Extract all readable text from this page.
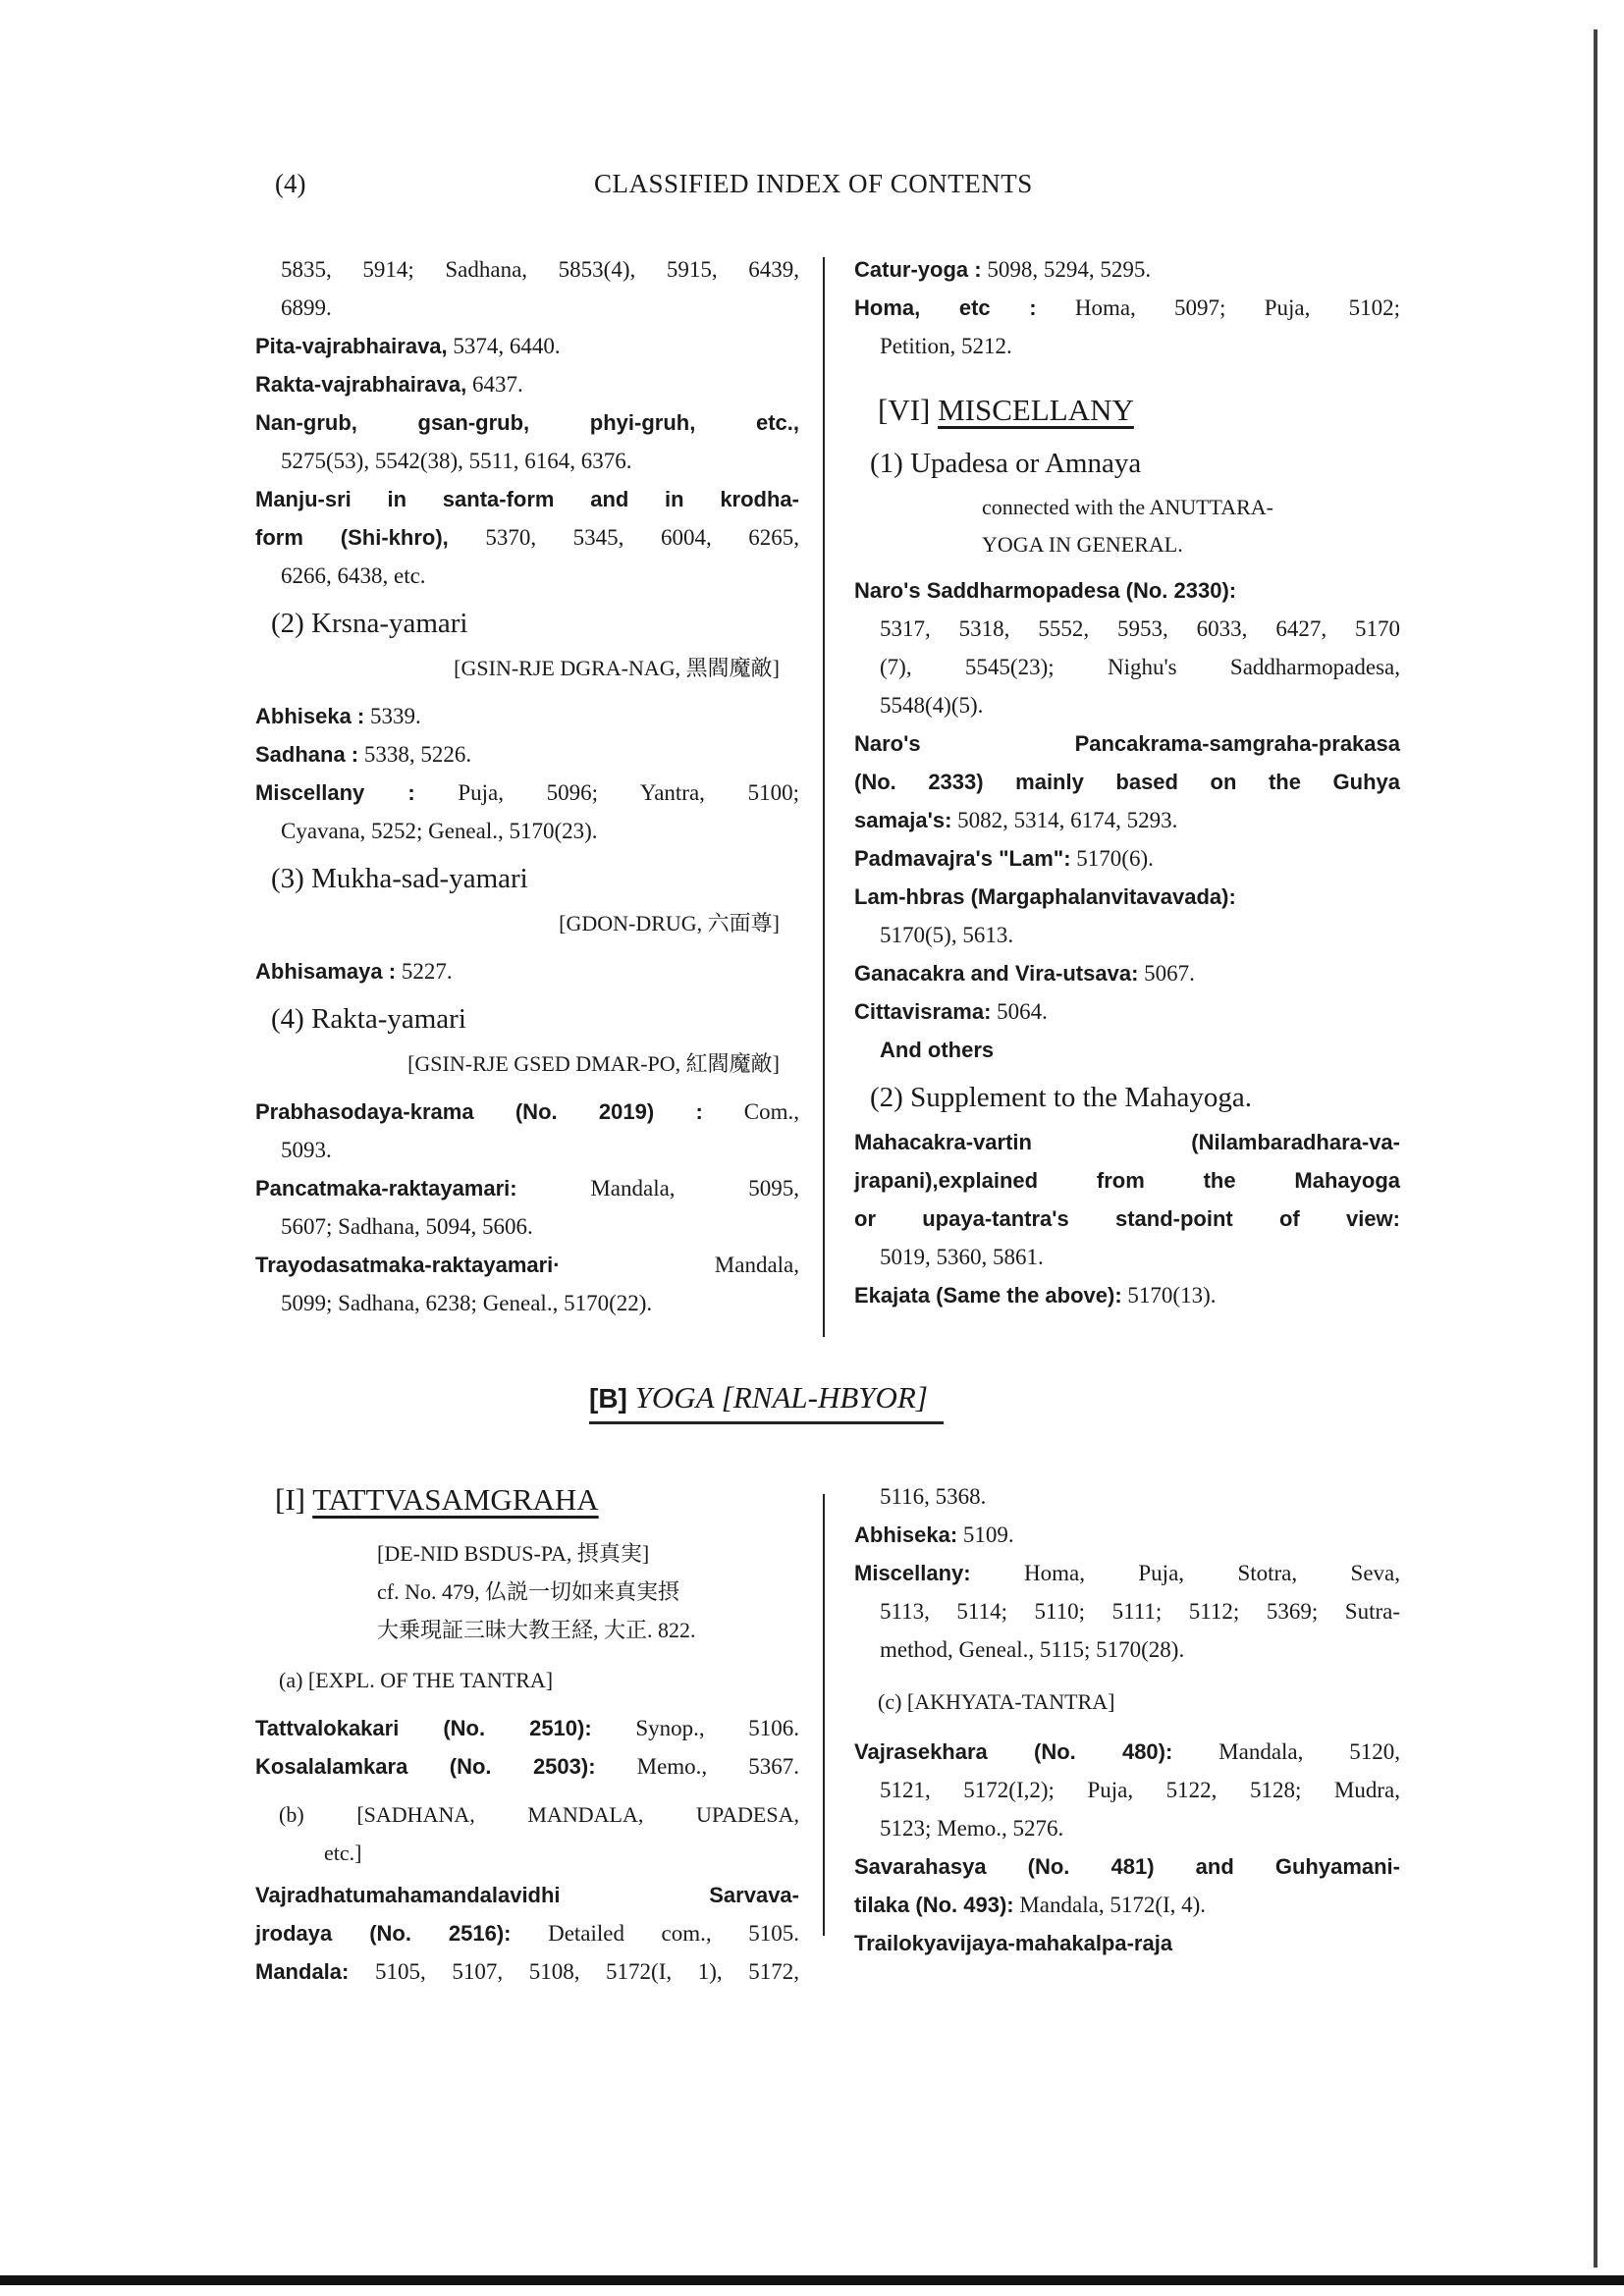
(4)	CLASSIFIED INDEX OF CONTENTS

5835, 5914; Sadhana, 5853(4), 5915, 6439,

6899.

Pita-vajrabhairava, 5374, 6440.

Rakta-vajrabhairava, 6437.

Nan-grub, gsan-grub, phyi-gruh, etc.,

5275(53), 5542(38), 5511, 6164, 6376.

Manju-sri in santa-form and in krodha-

form (Shi-khro), 5370, 5345, 6004, 6265,

6266, 6438, etc.

(2) Krsna-yamari

[GSIN-RJE DGRA-NAG, 黑閻魔敵]

Abhiseka : 5339.

Sadhana : 5338, 5226.

Miscellany : Puja, 5096; Yantra, 5100;

Cyavana, 5252; Geneal., 5170(23).

(3) Mukha-sad-yamari

[GDON-DRUG, 六面尊]

Abhisamaya : 5227.

(4) Rakta-yamari

[GSIN-RJE GSED DMAR-PO, 紅閻魔敵]

Prabhasodaya-krama (No. 2019) : Com.,

5093.

Pancatmaka-raktayamari: Mandala, 5095,

5607; Sadhana, 5094, 5606.

Trayodasatmaka-raktayamari· Mandala,

5099; Sadhana, 6238; Geneal., 5170(22).

Catur-yoga : 5098, 5294, 5295.

Homa, etc : Homa, 5097; Puja, 5102;

Petition, 5212.

[VI] MISCELLANY

(1) Upadesa or Amnaya

connected with the ANUTTARA-

YOGA IN GENERAL.

Naro's Saddharmopadesa (No. 2330):

5317, 5318, 5552, 5953, 6033, 6427, 5170

(7), 5545(23); Nighu's Saddharmopadesa,

5548(4)(5).

Naro's Pancakrama-samgraha-prakasa

(No. 2333) mainly based on the Guhya

samaja's: 5082, 5314, 6174, 5293.

Padmavajra's "Lam": 5170(6).

Lam-hbras (Margaphalanvitavavada):

5170(5), 5613.

Ganacakra and Vira-utsava: 5067.

Cittavisrama: 5064.

And others

(2) Supplement to the Mahayoga.

Mahacakra-vartin (Nilambaradhara-va-

jrapani),explained from the Mahayoga

or upaya-tantra's stand-point of view:

5019, 5360, 5861.

Ekajata (Same the above): 5170(13).

[B] YOGA [RNAL-HBYOR]

[I] TATTVASAMGRAHA

[DE-NID BSDUS-PA, 摂真実]

cf. No. 479, 仏説一切如来真実摂

大乗現証三昧大教王経, 大正. 822.

(a) [EXPL. OF THE TANTRA]

Tattvalokakari (No. 2510): Synop., 5106.

Kosalalamkara (No. 2503): Memo., 5367.

(b) [SADHANA, MANDALA, UPADESA,

etc.]

Vajradhatumahamandalavidhi Sarvava-

jrodaya (No. 2516): Detailed com., 5105.

Mandala: 5105, 5107, 5108, 5172(I, 1), 5172,

5116, 5368.

Abhiseka: 5109.

Miscellany: Homa, Puja, Stotra, Seva,

5113, 5114; 5110; 5111; 5112; 5369; Sutra-

method, Geneal., 5115; 5170(28).

(c) [AKHYATA-TANTRA]

Vajrasekhara (No. 480): Mandala, 5120,

5121, 5172(I,2); Puja, 5122, 5128; Mudra,

5123; Memo., 5276.

Savarahasya (No. 481) and Guhyamani-

tilaka (No. 493): Mandala, 5172(I, 4).

Trailokyavijaya-mahakalpa-raja
